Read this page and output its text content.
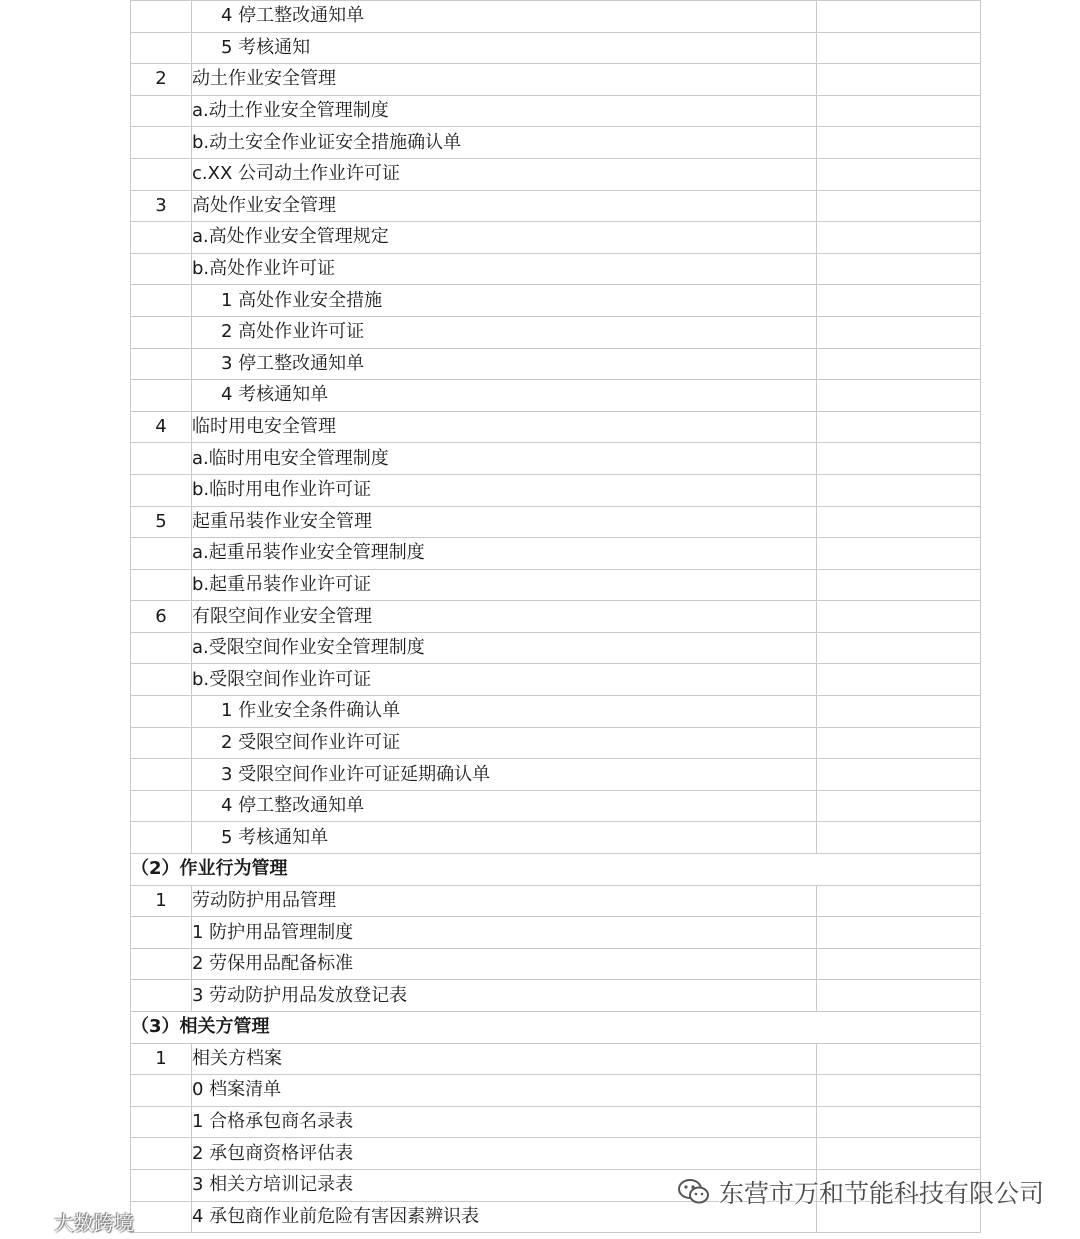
	4 停工整改通知单	
	5 考核通知	
2	动土作业安全管理	
	a.动土作业安全管理制度	
	b.动土安全作业证安全措施确认单	
	c.XX 公司动土作业许可证	
3	高处作业安全管理	
	a.高处作业安全管理规定	
	b.高处作业许可证	
	1 高处作业安全措施	
	2 高处作业许可证	
	3 停工整改通知单	
	4 考核通知单	
4	临时用电安全管理	
	a.临时用电安全管理制度	
	b.临时用电作业许可证	
5	起重吊装作业安全管理	
	a.起重吊装作业安全管理制度	
	b.起重吊装作业许可证	
6	有限空间作业安全管理	
	a.受限空间作业安全管理制度	
	b.受限空间作业许可证	
	1 作业安全条件确认单	
	2 受限空间作业许可证	
	3 受限空间作业许可证延期确认单	
	4 停工整改通知单	
	5 考核通知单	
（2）作业行为管理		
1	劳动防护用品管理	
	1 防护用品管理制度	
	2 劳保用品配备标准	
	3 劳动防护用品发放登记表	
（3）相关方管理		
1	相关方档案	
	0 档案清单	
	1 合格承包商名录表	
	2 承包商资格评估表	
	3 相关方培训记录表	
	4 承包商作业前危险有害因素辨识表	
东营市万和节能科技有限公司
大数跨境
